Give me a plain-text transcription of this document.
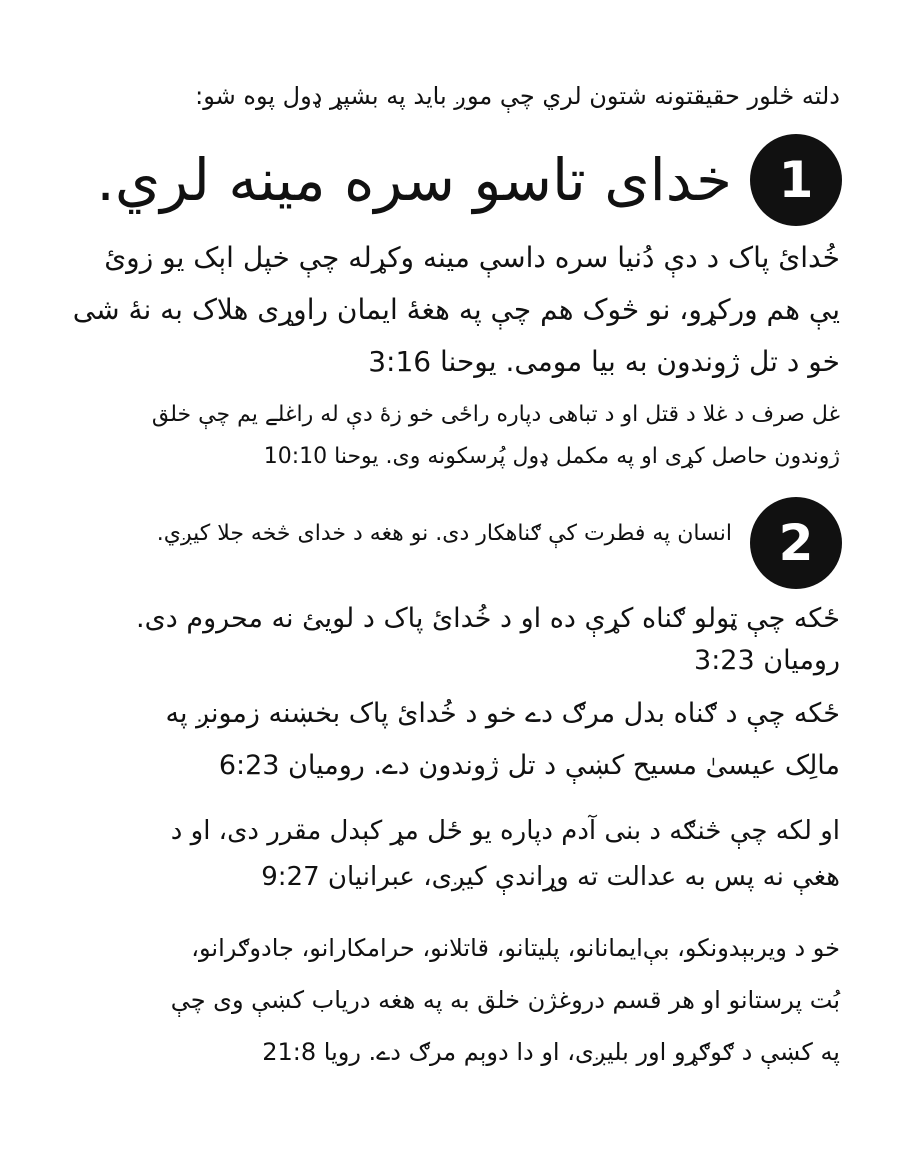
دلته څلور حقیقتونه شتون لري چې موږ باید په بشپړ ډول پوه شو:
1
خدای تاسو سره مینه لري.
خُدایٔ پاک د دې دُنیا سره داسې مینه وکړله چې خپل اېک یو زوئ
یې هم ورکړو، نو څوک هم چې په هغهٔ ایمان راوړی هلاک به نهٔ شی
خو د تل ژوندون به بیا مومی. یوحنا 3:16
غل صرف د غلا د قتل او د تباهی دپاره راځی خو زهٔ دې له راغلے یم چې خلق
ژوندون حاصل کړی او په مکمل ډول پُرسکونه وی. یوحنا 10:10
2
انسان په فطرت کې ګناهکار دی. نو هغه د خدای څخه جلا کیږي.
ځکه چې ټولو ګناه کړې ده او د خُدایٔ پاک د لویئ نه محروم دی.
رومیان 3:23
ځکه چې د ګناه بدل مرګ دے خو د خُدایٔ پاک بخښنه زمونږ په
مالِک عیسیٰ مسیح کښې د تل ژوندون دے. رومیان 6:23
او لکه چې څنګه د بنی آدم دپاره یو ځل مړ کېدل مقرر دی، او د
هغې نه پس به عدالت ته وړاندې کیږی، عبرانیان 9:27
خو د ویربېدونکو، بې‌ایمانانو، پلیتانو، قاتلانو، حرامکارانو، جادوګرانو،
بُت پرستانو او هر قسم دروغژن خلق به په هغه دریاب کښې وی چې
په کښې د ګوګړو اور بلیږی، او دا دوېم مرګ دے. رویا 21:8
